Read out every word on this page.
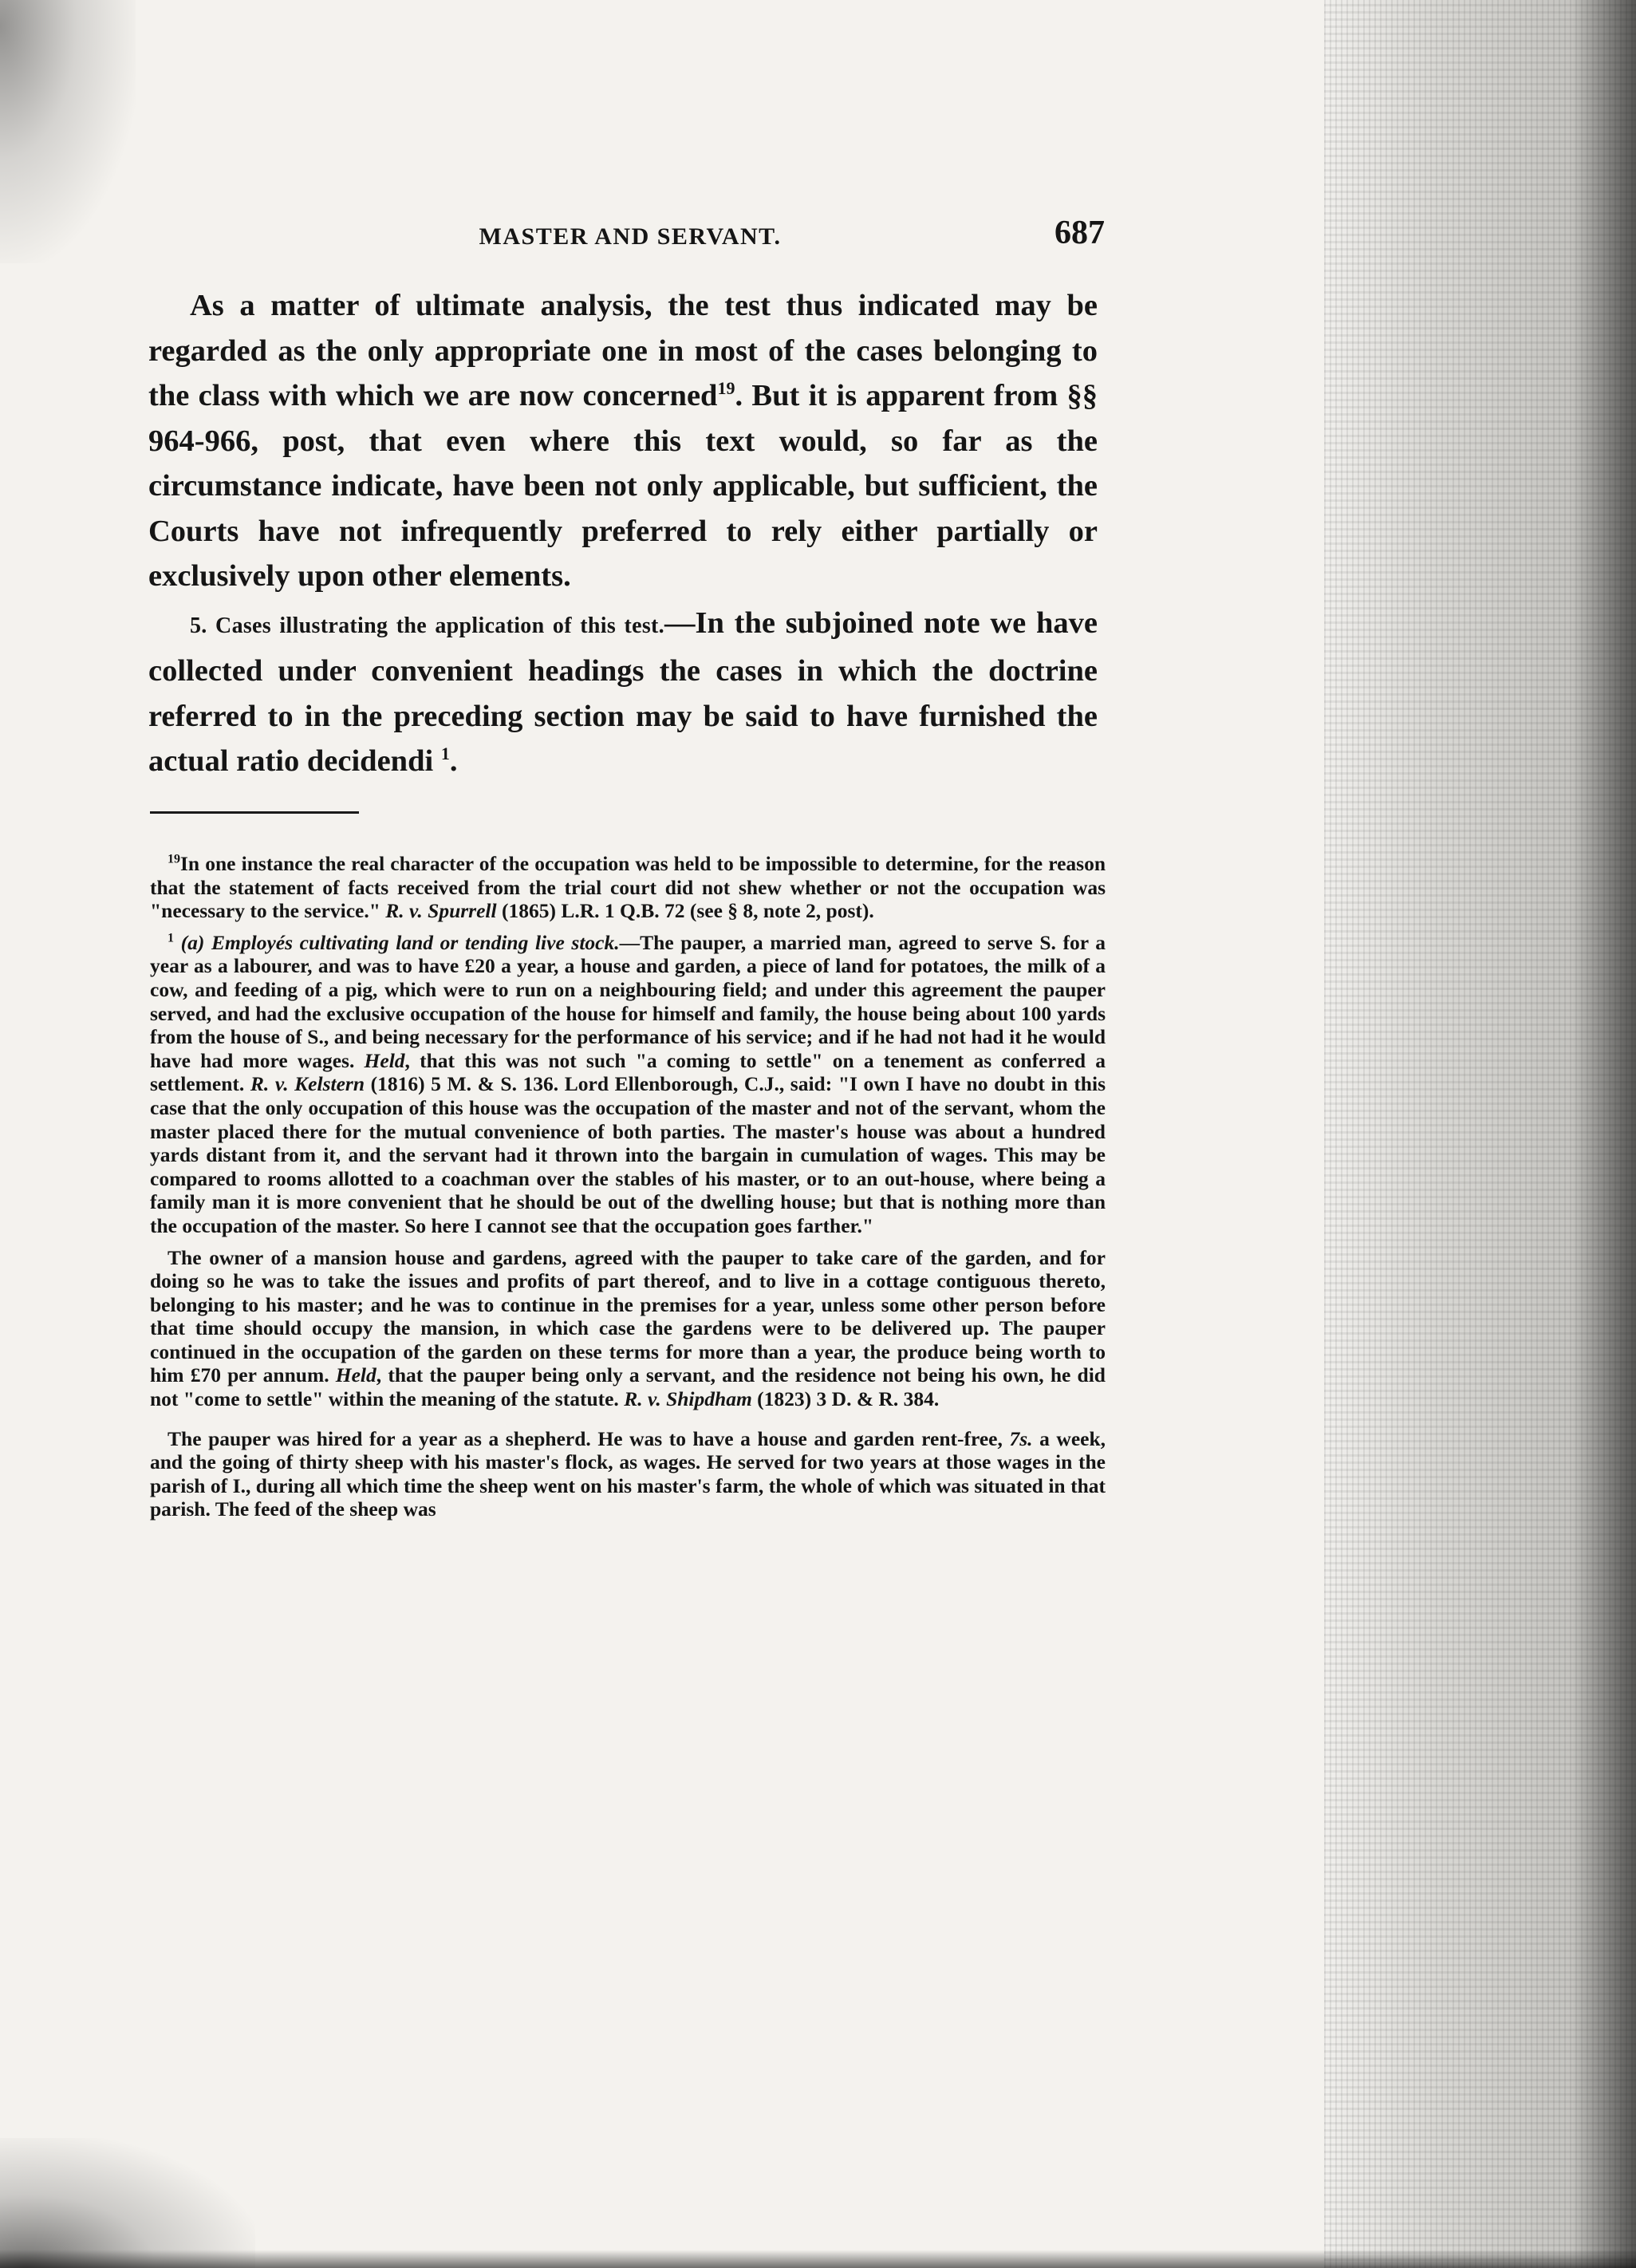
MASTER AND SERVANT.	687

As a matter of ultimate analysis, the test thus indicated may be regarded as the only appropriate one in most of the cases belonging to the class with which we are now concerned$^{19}$. But it is apparent from §§ 964-966, post, that even where this text would, so far as the circumstance indicate, have been not only applicable, but sufficient, the Courts have not infrequently preferred to rely either partially or exclusively upon other elements.

5. Cases illustrating the application of this test.—In the subjoined note we have collected under convenient headings the cases in which the doctrine referred to in the preceding section may be said to have furnished the actual ratio decidendi $^1$.

$^{19}$In one instance the real character of the occupation was held to be impossible to determine, for the reason that the statement of facts received from the trial court did not shew whether or not the occupation was "necessary to the service." R. v. Spurrell (1865) L.R. 1 Q.B. 72 (see § 8, note 2, post).

$^1$ (a) Employés cultivating land or tending live stock.—The pauper, a married man, agreed to serve S. for a year as a labourer, and was to have £20 a year, a house and garden, a piece of land for potatoes, the milk of a cow, and feeding of a pig, which were to run on a neighbouring field; and under this agreement the pauper served, and had the exclusive occupation of the house for himself and family, the house being about 100 yards from the house of S., and being necessary for the performance of his service; and if he had not had it he would have had more wages. Held, that this was not such "a coming to settle" on a tenement as conferred a settlement. R. v. Kelstern (1816) 5 M. & S. 136. Lord Ellenborough, C.J., said: "I own I have no doubt in this case that the only occupation of this house was the occupation of the master and not of the servant, whom the master placed there for the mutual convenience of both parties. The master's house was about a hundred yards distant from it, and the servant had it thrown into the bargain in cumulation of wages. This may be compared to rooms allotted to a coachman over the stables of his master, or to an out-house, where being a family man it is more convenient that he should be out of the dwelling house; but that is nothing more than the occupation of the master. So here I cannot see that the occupation goes farther."

The owner of a mansion house and gardens, agreed with the pauper to take care of the garden, and for doing so he was to take the issues and profits of part thereof, and to live in a cottage contiguous thereto, belonging to his master; and he was to continue in the premises for a year, unless some other person before that time should occupy the mansion, in which case the gardens were to be delivered up. The pauper continued in the occupation of the garden on these terms for more than a year, the produce being worth to him £70 per annum. Held, that the pauper being only a servant, and the residence not being his own, he did not "come to settle" within the meaning of the statute. R. v. Shipdham (1823) 3 D. & R. 384.

The pauper was hired for a year as a shepherd. He was to have a house and garden rent-free, 7s. a week, and the going of thirty sheep with his master's flock, as wages. He served for two years at those wages in the parish of I., during all which time the sheep went on his master's farm, the whole of which was situated in that parish. The feed of the sheep was
